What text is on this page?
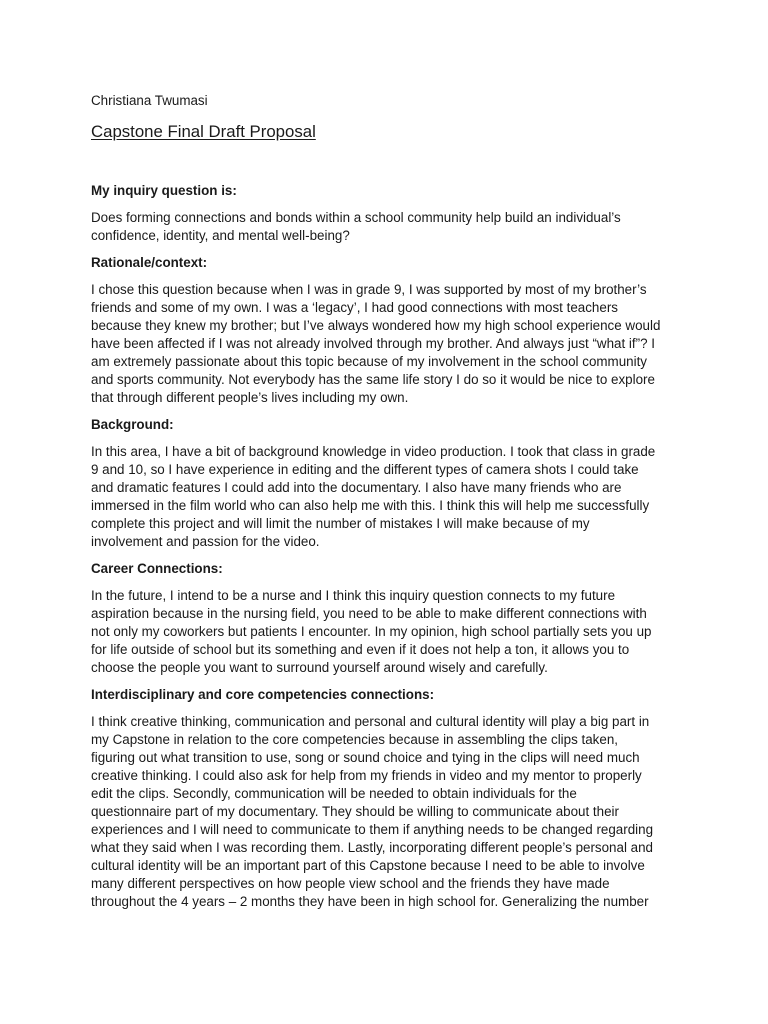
Christiana Twumasi
Capstone Final Draft Proposal
My inquiry question is:
Does forming connections and bonds within a school community help build an individual’s
confidence, identity, and mental well-being?
Rationale/context:
I chose this question because when I was in grade 9, I was supported by most of my brother’s
friends and some of my own. I was a ‘legacy’, I had good connections with most teachers
because they knew my brother; but I’ve always wondered how my high school experience would
have been affected if I was not already involved through my brother. And always just “what if”? I
am extremely passionate about this topic because of my involvement in the school community
and sports community. Not everybody has the same life story I do so it would be nice to explore
that through different people’s lives including my own.
Background:
In this area, I have a bit of background knowledge in video production. I took that class in grade
9 and 10, so I have experience in editing and the different types of camera shots I could take
and dramatic features I could add into the documentary. I also have many friends who are
immersed in the film world who can also help me with this. I think this will help me successfully
complete this project and will limit the number of mistakes I will make because of my
involvement and passion for the video.
Career Connections:
In the future, I intend to be a nurse and I think this inquiry question connects to my future
aspiration because in the nursing field, you need to be able to make different connections with
not only my coworkers but patients I encounter. In my opinion, high school partially sets you up
for life outside of school but its something and even if it does not help a ton, it allows you to
choose the people you want to surround yourself around wisely and carefully.
Interdisciplinary and core competencies connections:
I think creative thinking, communication and personal and cultural identity will play a big part in
my Capstone in relation to the core competencies because in assembling the clips taken,
figuring out what transition to use, song or sound choice and tying in the clips will need much
creative thinking. I could also ask for help from my friends in video and my mentor to properly
edit the clips. Secondly, communication will be needed to obtain individuals for the
questionnaire part of my documentary. They should be willing to communicate about their
experiences and I will need to communicate to them if anything needs to be changed regarding
what they said when I was recording them. Lastly, incorporating different people’s personal and
cultural identity will be an important part of this Capstone because I need to be able to involve
many different perspectives on how people view school and the friends they have made
throughout the 4 years – 2 months they have been in high school for. Generalizing the number
